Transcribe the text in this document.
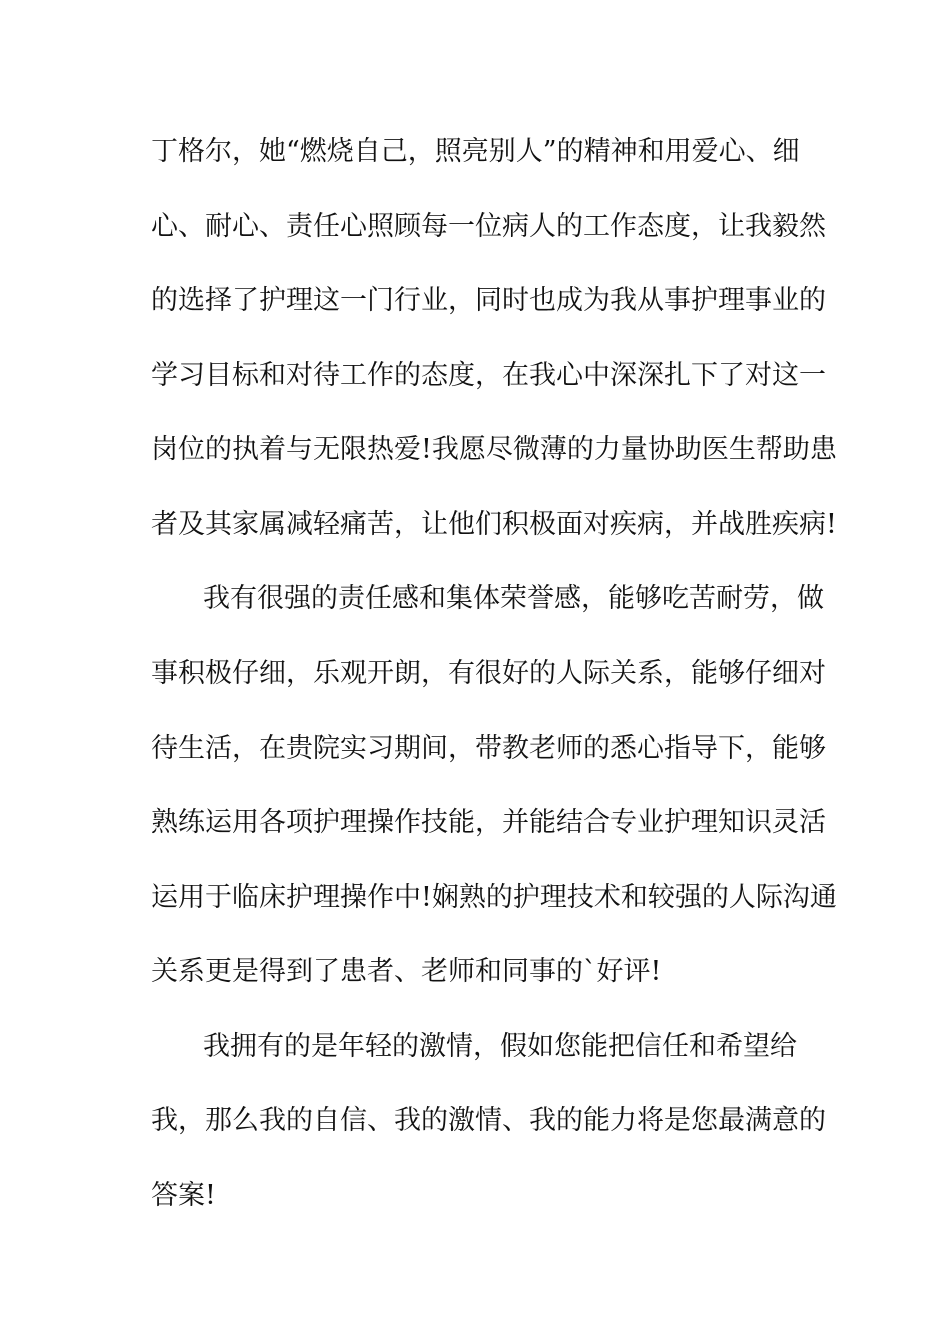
丁格尔，她“燃烧自己，照亮别人”的精神和用爱心、细
心、耐心、责任心照顾每一位病人的工作态度，让我毅然
的选择了护理这一门行业，同时也成为我从事护理事业的
学习目标和对待工作的态度，在我心中深深扎下了对这一
岗位的执着与无限热爱!我愿尽微薄的力量协助医生帮助患
者及其家属减轻痛苦，让他们积极面对疾病，并战胜疾病!
我有很强的责任感和集体荣誉感，能够吃苦耐劳，做
事积极仔细，乐观开朗，有很好的人际关系，能够仔细对
待生活，在贵院实习期间，带教老师的悉心指导下，能够
熟练运用各项护理操作技能，并能结合专业护理知识灵活
运用于临床护理操作中!娴熟的护理技术和较强的人际沟通
关系更是得到了患者、老师和同事的`好评!
我拥有的是年轻的激情，假如您能把信任和希望给
我，那么我的自信、我的激情、我的能力将是您最满意的
答案!
